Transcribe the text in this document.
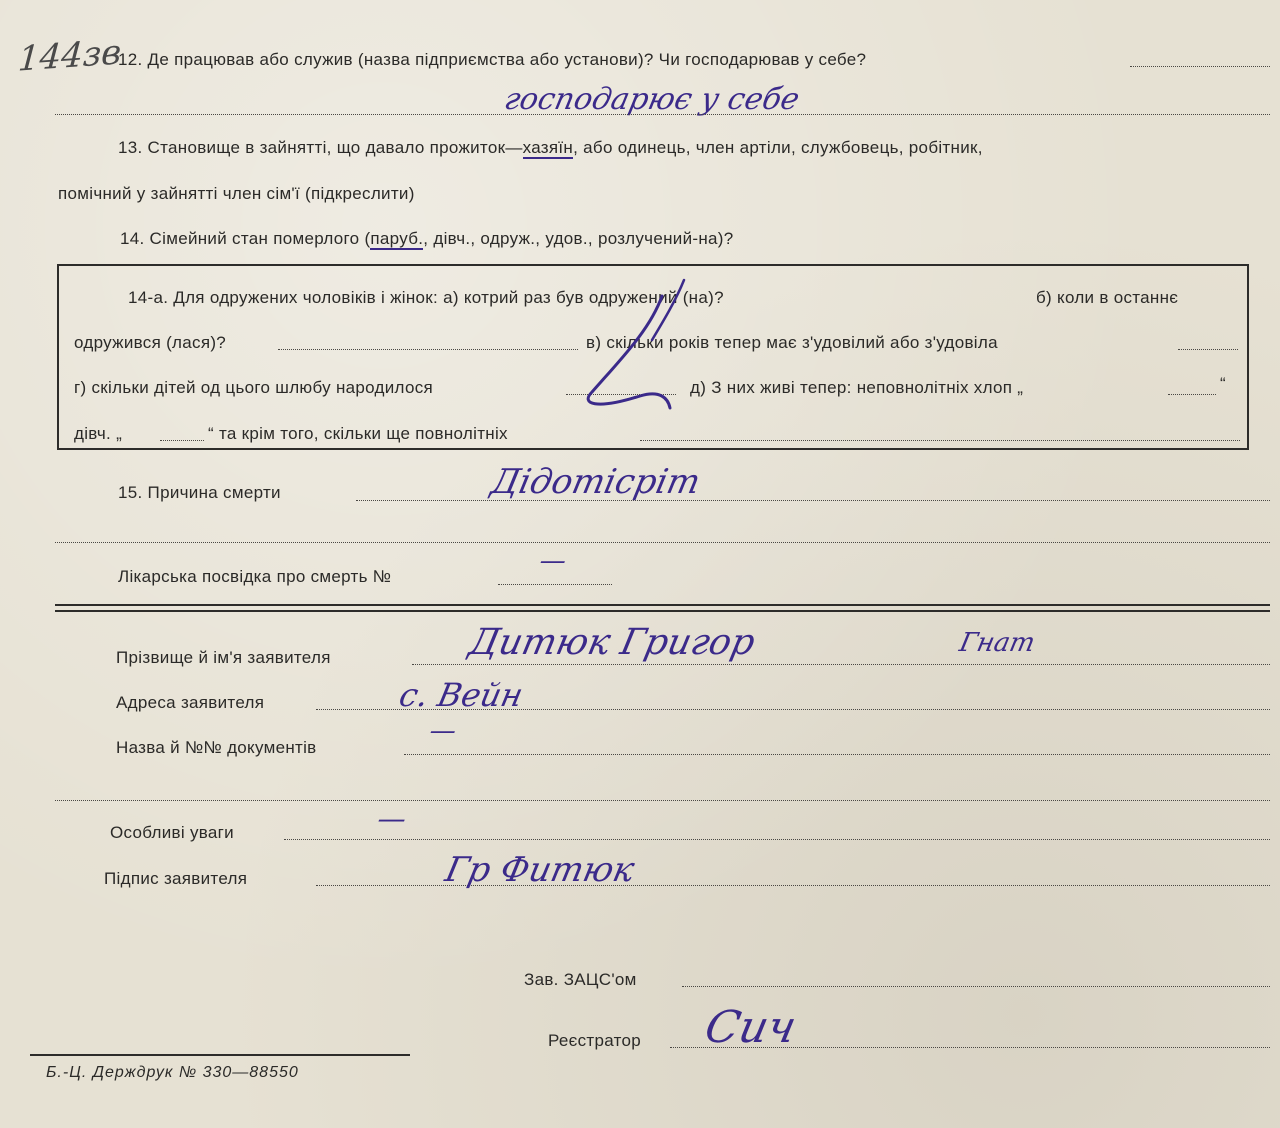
144зв
12. Де працював або служив (назва підприємства або установи)? Чи господарював у себе?
господарює у себе
13. Становище в зайнятті, що давало прожиток—хазяїн, або одинець, член артіли, службовець, робітник,
помічний у зайнятті член сім'ї (підкреслити)
14. Сімейний стан померлого (паруб., дівч., одруж., удов., розлучений-на)?
14-а. Для одружених чоловіків і жінок: а) котрий раз був одружений (на)?	б) коли в останнє
одружився (лася)?	в) скільки років тепер має з'удовілий або з'удовіла
г) скільки дітей од цього шлюбу народилося	д) З них живі тепер: неповнолітніх хлоп „	“
дівч. „	“ та крім того, скільки ще повнолітніх
15. Причина смерти	Дідотісріт
Лікарська посвідка про смерть №
—
Прізвище й ім'я заявителя	Дитюк Григор	Гнат
Адреса заявителя	с. Вейн
Назва й №№ документів
—
Особливі уваги	—
Підпис заявителя	Гр Фитюк
Зав. ЗАЦС'ом
Реєстратор Сич
Б.-Ц. Держдрук № 330—88550
